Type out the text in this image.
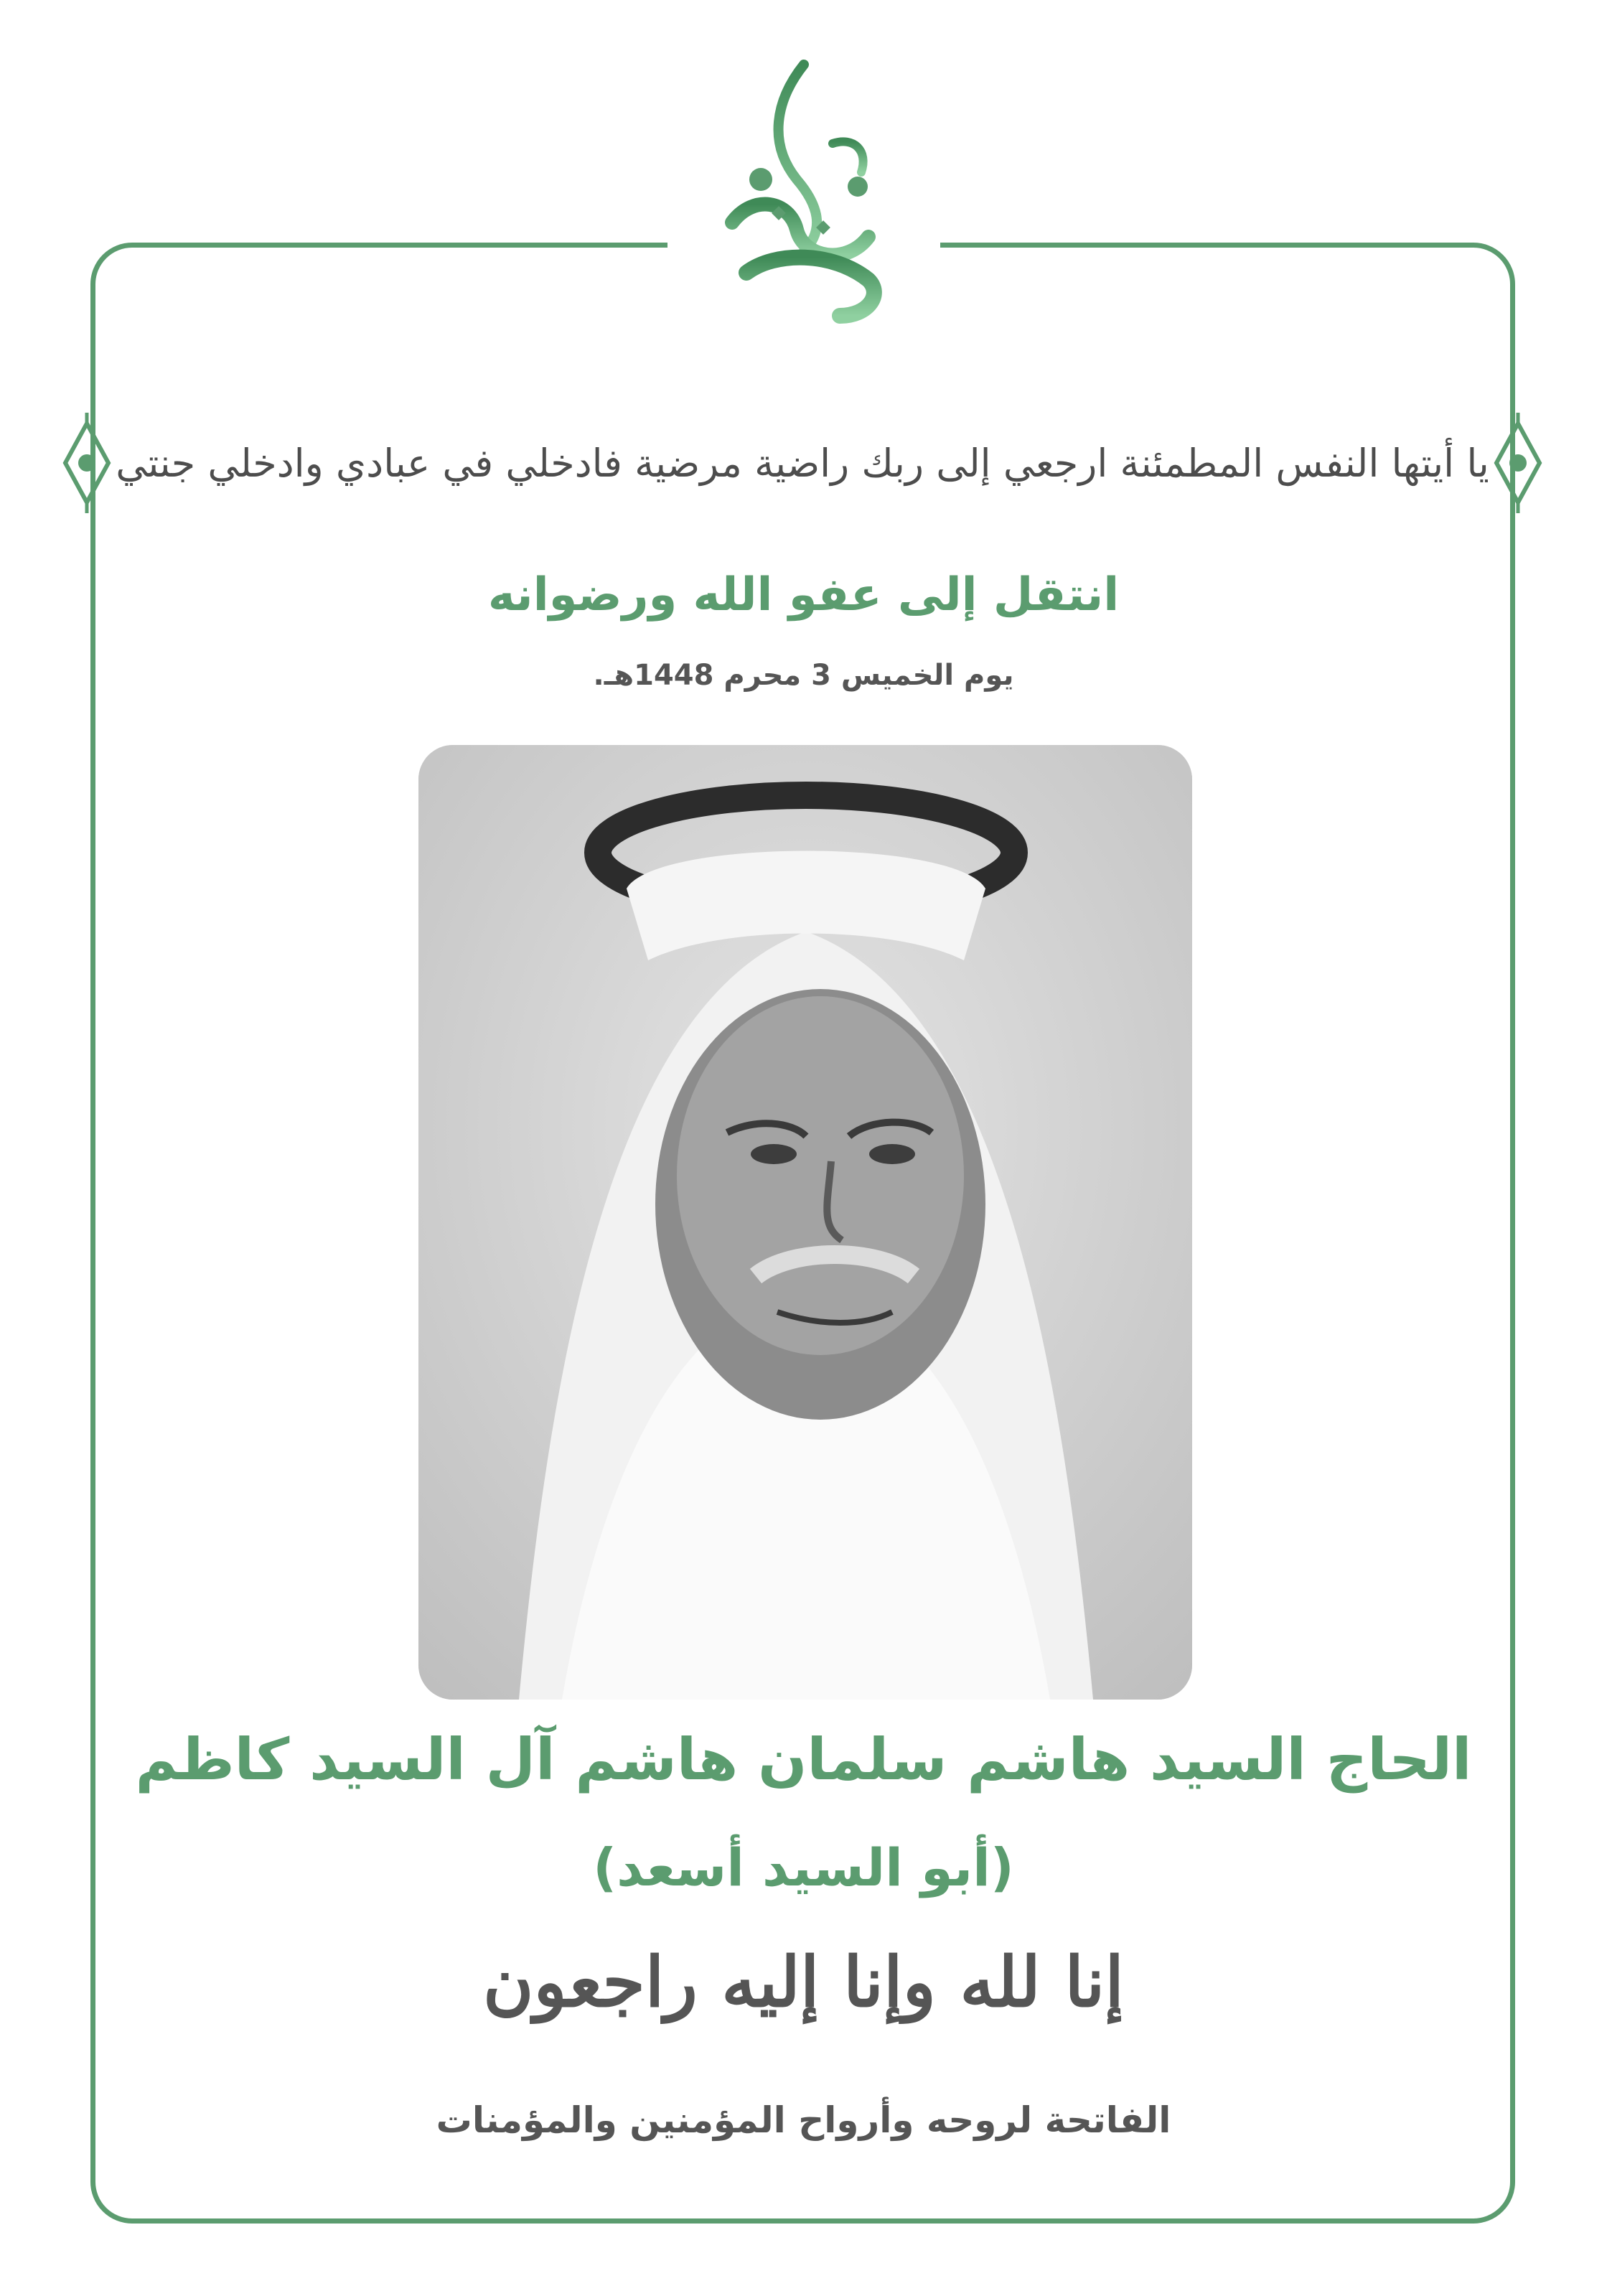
يا أيتها النفس المطمئنة ارجعي إلى ربك راضية مرضية فادخلي في عبادي وادخلي جنتي
انتقل إلى عفو الله ورضوانه
يوم الخميس 3 محرم 1448هـ.
الحاج السيد هاشم سلمان هاشم آل السيد كاظم
(أبو السيد أسعد)
إنا لله وإنا إليه راجعون
الفاتحة لروحه وأرواح المؤمنين والمؤمنات
